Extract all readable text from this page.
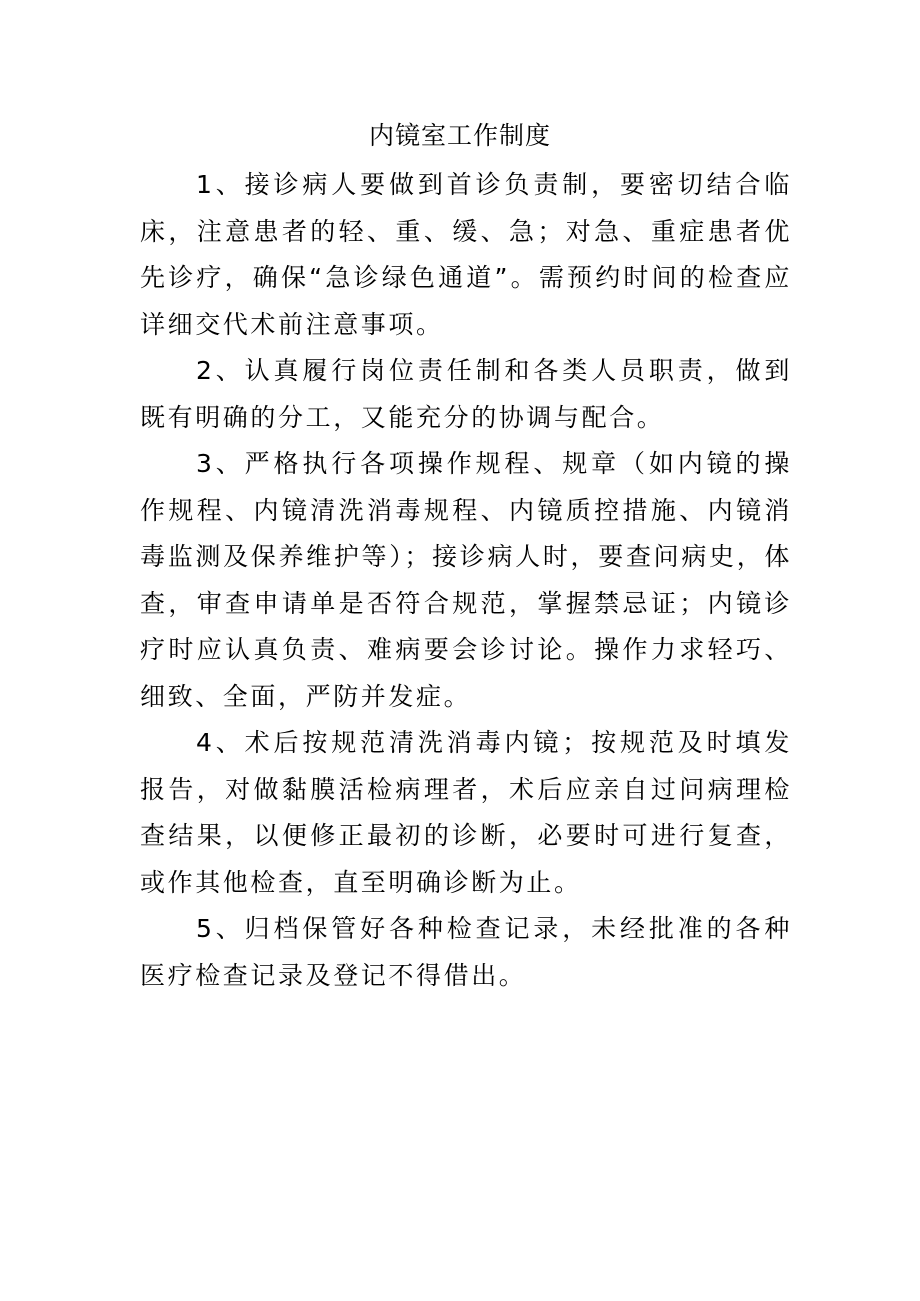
内镜室工作制度

1、接诊病人要做到首诊负责制，要密切结合临床，注意患者的轻、重、缓、急；对急、重症患者优先诊疗，确保“急诊绿色通道”。需预约时间的检查应详细交代术前注意事项。

2、认真履行岗位责任制和各类人员职责，做到既有明确的分工，又能充分的协调与配合。

3、严格执行各项操作规程、规章（如内镜的操作规程、内镜清洗消毒规程、内镜质控措施、内镜消毒监测及保养维护等）；接诊病人时，要查问病史，体查，审查申请单是否符合规范，掌握禁忌证；内镜诊疗时应认真负责、难病要会诊讨论。操作力求轻巧、细致、全面，严防并发症。

4、术后按规范清洗消毒内镜；按规范及时填发报告，对做黏膜活检病理者，术后应亲自过问病理检查结果，以便修正最初的诊断，必要时可进行复查，或作其他检查，直至明确诊断为止。

5、归档保管好各种检查记录，未经批准的各种医疗检查记录及登记不得借出。
